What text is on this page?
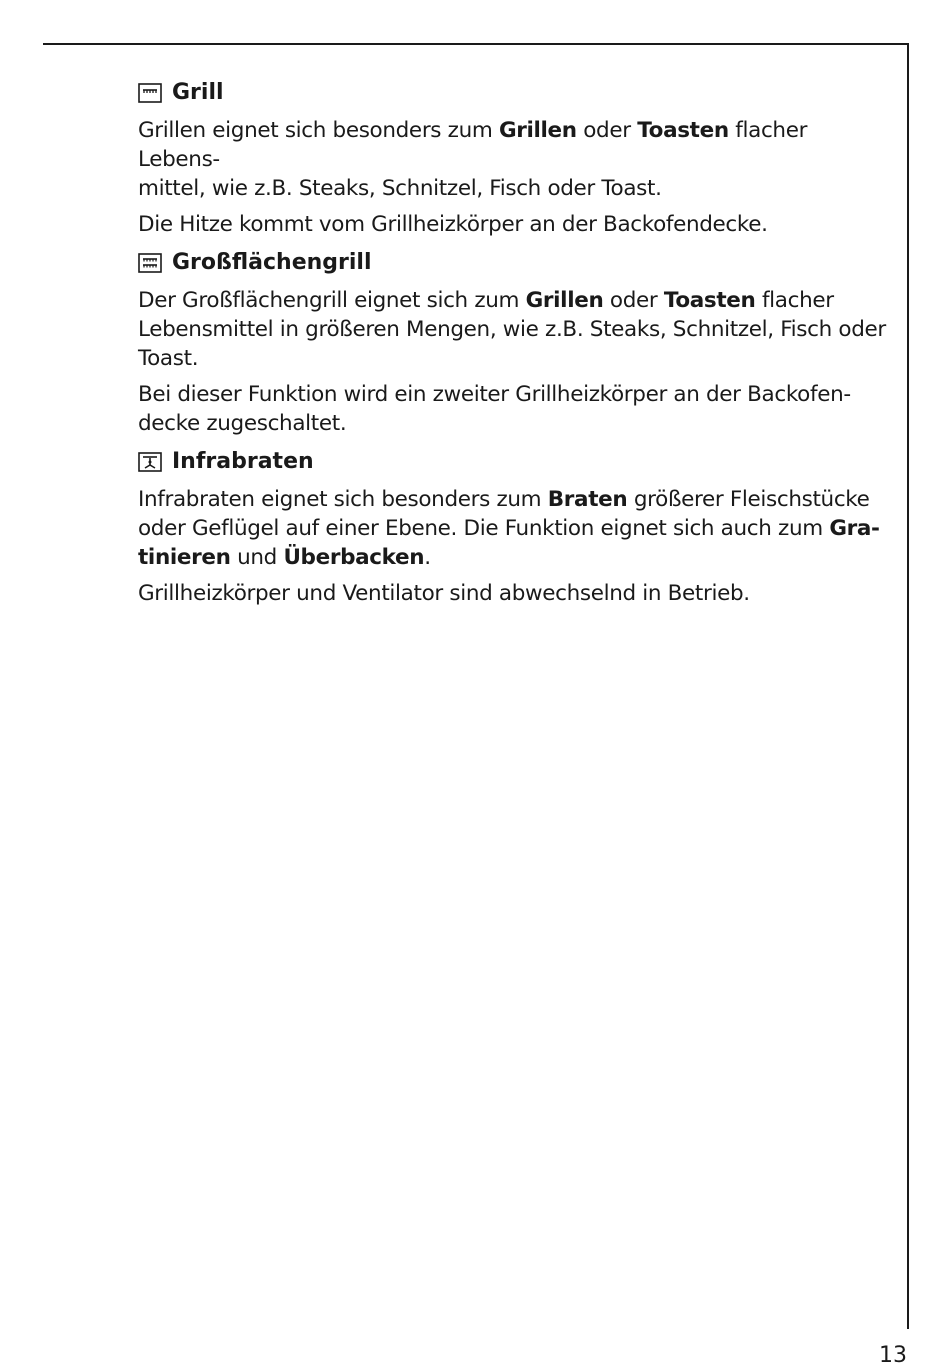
Grill

Grillen eignet sich besonders zum Grillen oder Toasten flacher Lebens-
mittel, wie z.B. Steaks, Schnitzel, Fisch oder Toast.

Die Hitze kommt vom Grillheizkörper an der Backofendecke.

Großflächengrill

Der Großflächengrill eignet sich zum Grillen oder Toasten flacher
Lebensmittel in größeren Mengen, wie z.B. Steaks, Schnitzel, Fisch oder
Toast.

Bei dieser Funktion wird ein zweiter Grillheizkörper an der Backofen-
decke zugeschaltet.

Infrabraten

Infrabraten eignet sich besonders zum Braten größerer Fleischstücke
oder Geflügel auf einer Ebene. Die Funktion eignet sich auch zum Gra-
tinieren und Überbacken.

Grillheizkörper und Ventilator sind abwechselnd in Betrieb.

13
